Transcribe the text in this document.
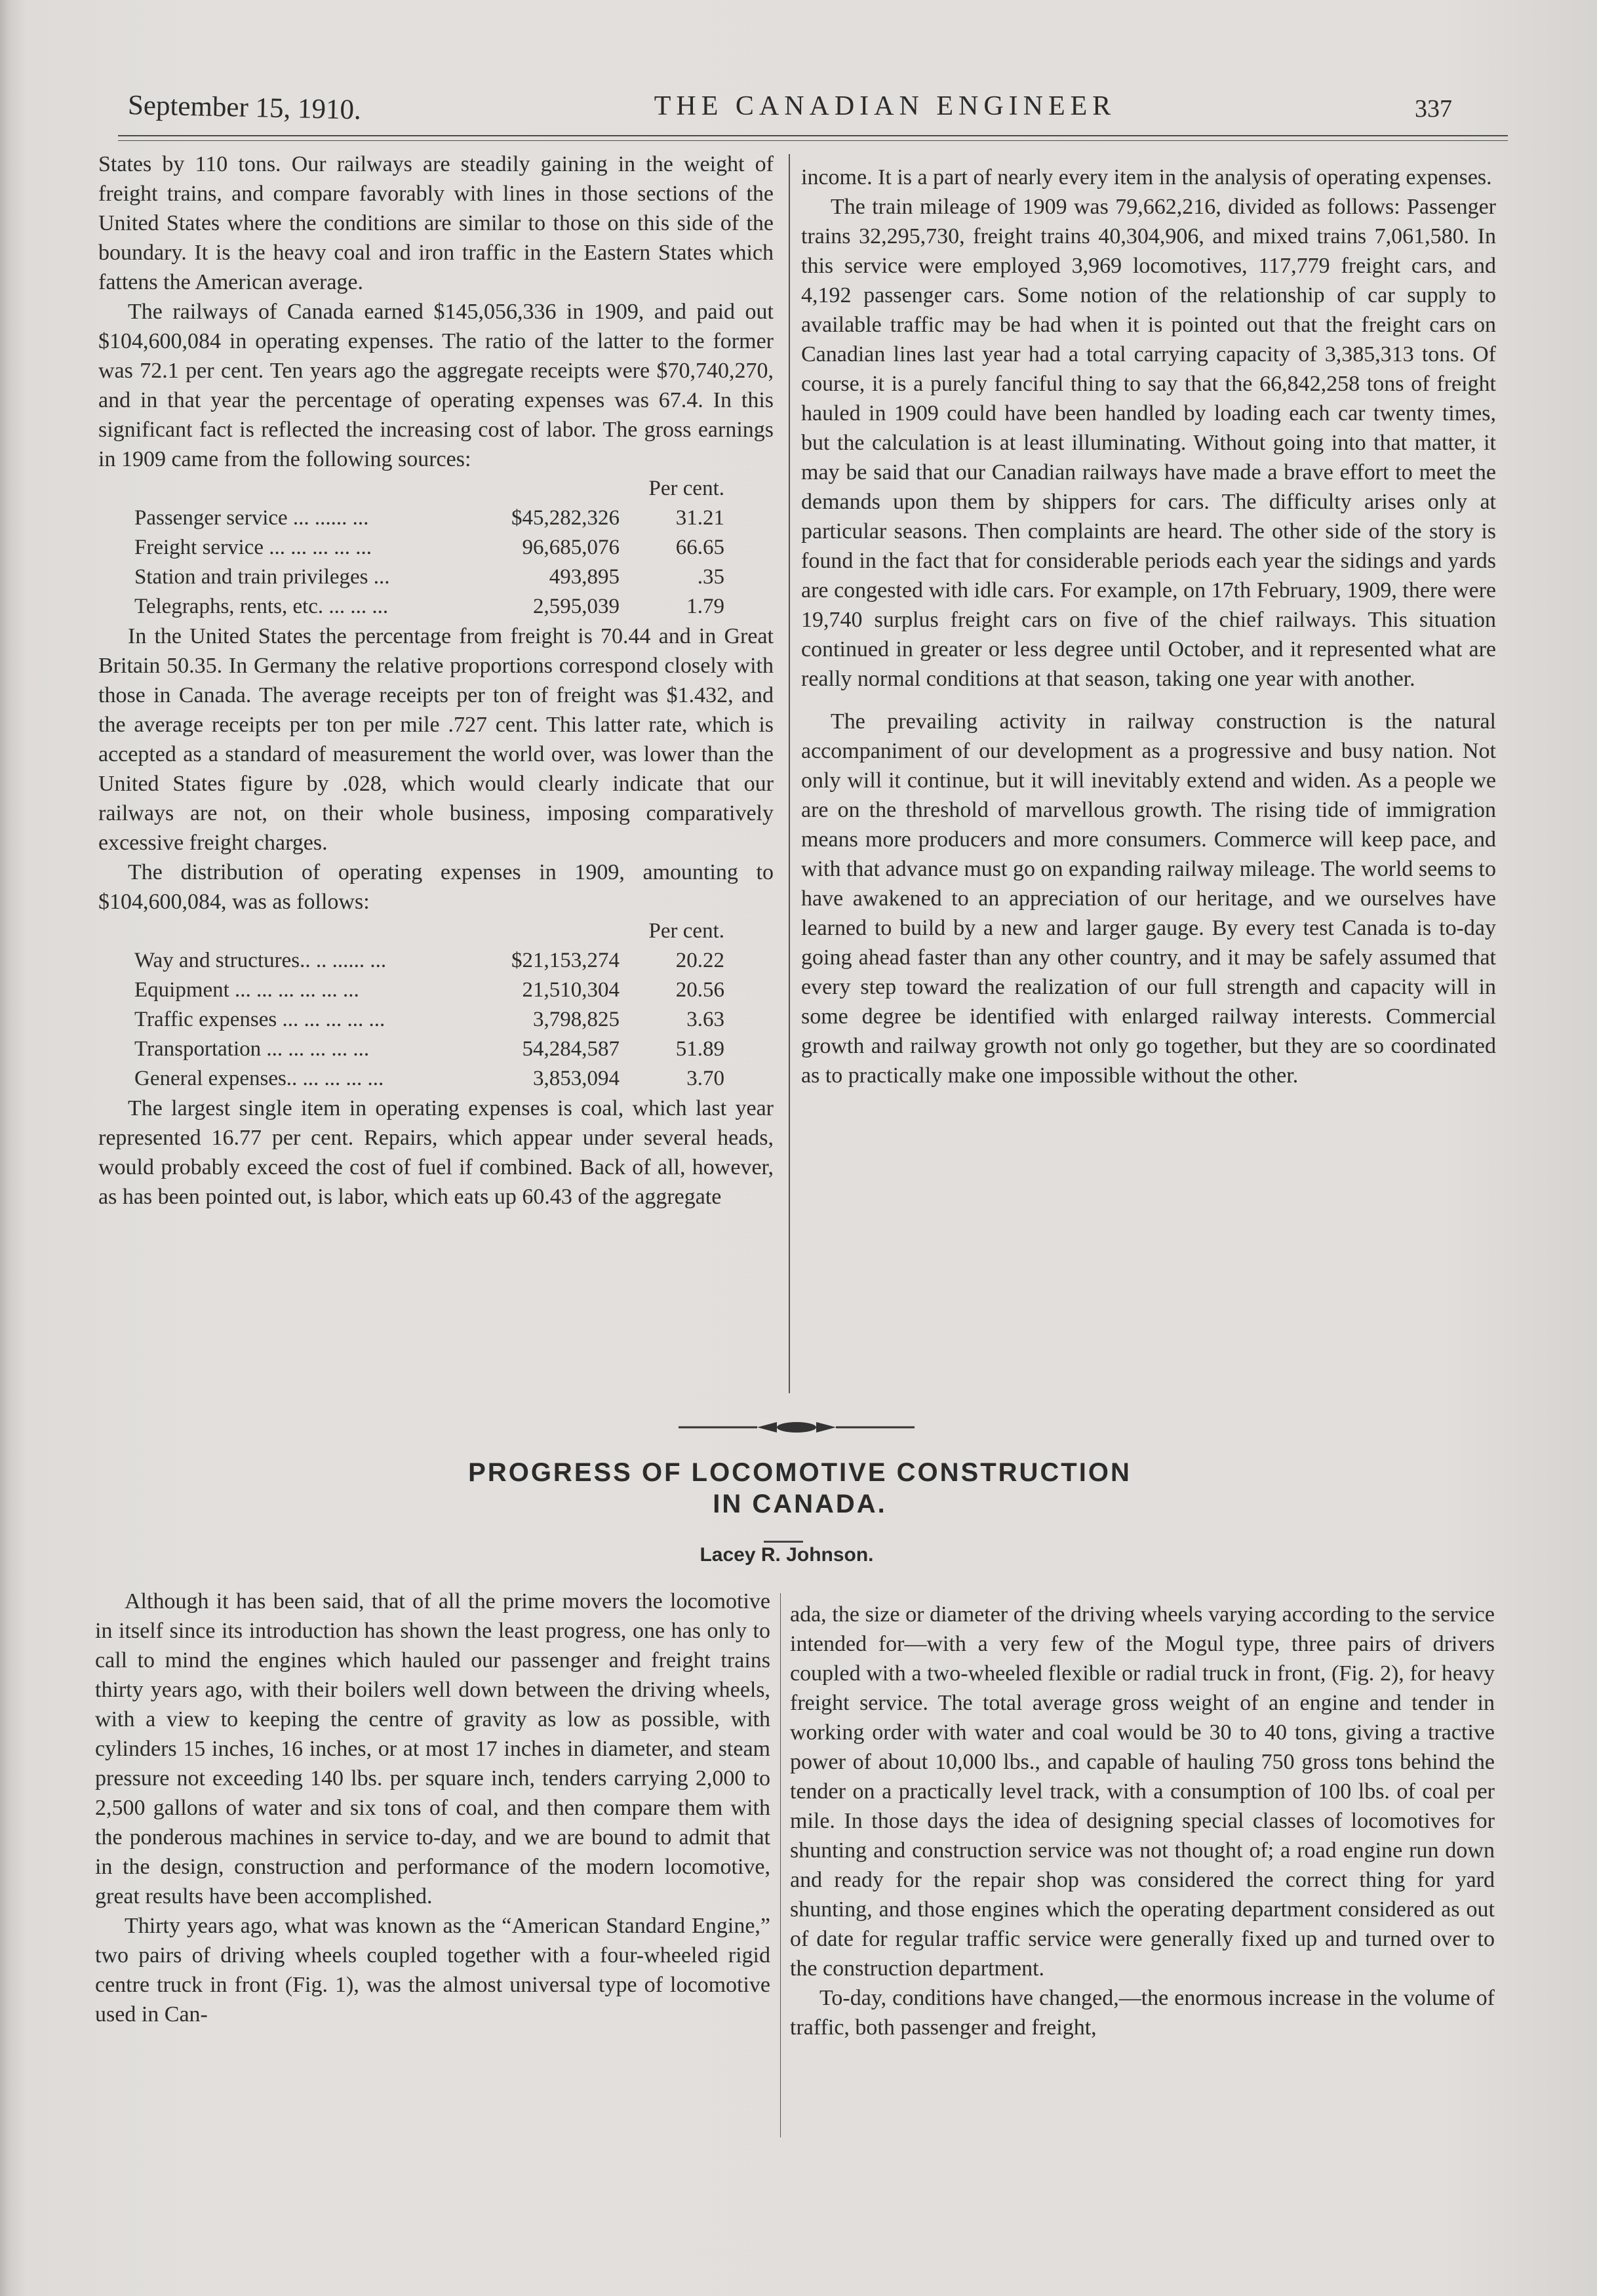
September 15, 1910.	THE CANADIAN ENGINEER	337

States by 110 tons. Our railways are steadily gaining in the weight of freight trains, and compare favorably with lines in those sections of the United States where the conditions are similar to those on this side of the boundary. It is the heavy coal and iron traffic in the Eastern States which fattens the American average.

The railways of Canada earned $145,056,336 in 1909, and paid out $104,600,084 in operating expenses. The ratio of the latter to the former was 72.1 per cent. Ten years ago the aggregate receipts were $70,740,270, and in that year the percentage of operating expenses was 67.4. In this significant fact is reflected the increasing cost of labor. The gross earnings in 1909 came from the following sources:

		Per cent.
Passenger service ... ...... ...	$45,282,326	31.21
Freight service ... ... ... ... ...	96,685,076	66.65
Station and train privileges ...	493,895	.35
Telegraphs, rents, etc. ... ... ...	2,595,039	1.79

In the United States the percentage from freight is 70.44 and in Great Britain 50.35. In Germany the relative proportions correspond closely with those in Canada. The average receipts per ton of freight was $1.432, and the average receipts per ton per mile .727 cent. This latter rate, which is accepted as a standard of measurement the world over, was lower than the United States figure by .028, which would clearly indicate that our railways are not, on their whole business, imposing comparatively excessive freight charges.

The distribution of operating expenses in 1909, amounting to $104,600,084, was as follows:

		Per cent.
Way and structures.. .. ...... ...	$21,153,274	20.22
Equipment ... ... ... ... ... ...	21,510,304	20.56
Traffic expenses ... ... ... ... ...	3,798,825	3.63
Transportation ... ... ... ... ...	54,284,587	51.89
General expenses.. ... ... ... ...	3,853,094	3.70

The largest single item in operating expenses is coal, which last year represented 16.77 per cent. Repairs, which appear under several heads, would probably exceed the cost of fuel if combined. Back of all, however, as has been pointed out, is labor, which eats up 60.43 of the aggregate

income. It is a part of nearly every item in the analysis of operating expenses.

The train mileage of 1909 was 79,662,216, divided as follows: Passenger trains 32,295,730, freight trains 40,304,906, and mixed trains 7,061,580. In this service were employed 3,969 locomotives, 117,779 freight cars, and 4,192 passenger cars. Some notion of the relationship of car supply to available traffic may be had when it is pointed out that the freight cars on Canadian lines last year had a total carrying capacity of 3,385,313 tons. Of course, it is a purely fanciful thing to say that the 66,842,258 tons of freight hauled in 1909 could have been handled by loading each car twenty times, but the calculation is at least illuminating. Without going into that matter, it may be said that our Canadian railways have made a brave effort to meet the demands upon them by shippers for cars. The difficulty arises only at particular seasons. Then complaints are heard. The other side of the story is found in the fact that for considerable periods each year the sidings and yards are congested with idle cars. For example, on 17th February, 1909, there were 19,740 surplus freight cars on five of the chief railways. This situation continued in greater or less degree until October, and it represented what are really normal conditions at that season, taking one year with another.

The prevailing activity in railway construction is the natural accompaniment of our development as a progressive and busy nation. Not only will it continue, but it will inevitably extend and widen. As a people we are on the threshold of marvellous growth. The rising tide of immigration means more producers and more consumers. Commerce will keep pace, and with that advance must go on expanding railway mileage. The world seems to have awakened to an appreciation of our heritage, and we ourselves have learned to build by a new and larger gauge. By every test Canada is to-day going ahead faster than any other country, and it may be safely assumed that every step toward the realization of our full strength and capacity will in some degree be identified with enlarged railway interests. Commercial growth and railway growth not only go together, but they are so coordinated as to practically make one impossible without the other.

PROGRESS OF LOCOMOTIVE CONSTRUCTION
IN CANADA.
Lacey R. Johnson.

Although it has been said, that of all the prime movers the locomotive in itself since its introduction has shown the least progress, one has only to call to mind the engines which hauled our passenger and freight trains thirty years ago, with their boilers well down between the driving wheels, with a view to keeping the centre of gravity as low as possible, with cylinders 15 inches, 16 inches, or at most 17 inches in diameter, and steam pressure not exceeding 140 lbs. per square inch, tenders carrying 2,000 to 2,500 gallons of water and six tons of coal, and then compare them with the ponderous machines in service to-day, and we are bound to admit that in the design, construction and performance of the modern locomotive, great results have been accomplished.

Thirty years ago, what was known as the “American Standard Engine,” two pairs of driving wheels coupled together with a four-wheeled rigid centre truck in front (Fig. 1), was the almost universal type of locomotive used in Can-

ada, the size or diameter of the driving wheels varying according to the service intended for—with a very few of the Mogul type, three pairs of drivers coupled with a two-wheeled flexible or radial truck in front, (Fig. 2), for heavy freight service. The total average gross weight of an engine and tender in working order with water and coal would be 30 to 40 tons, giving a tractive power of about 10,000 lbs., and capable of hauling 750 gross tons behind the tender on a practically level track, with a consumption of 100 lbs. of coal per mile. In those days the idea of designing special classes of locomotives for shunting and construction service was not thought of; a road engine run down and ready for the repair shop was considered the correct thing for yard shunting, and those engines which the operating department considered as out of date for regular traffic service were generally fixed up and turned over to the construction department.

To-day, conditions have changed,—the enormous increase in the volume of traffic, both passenger and freight,
